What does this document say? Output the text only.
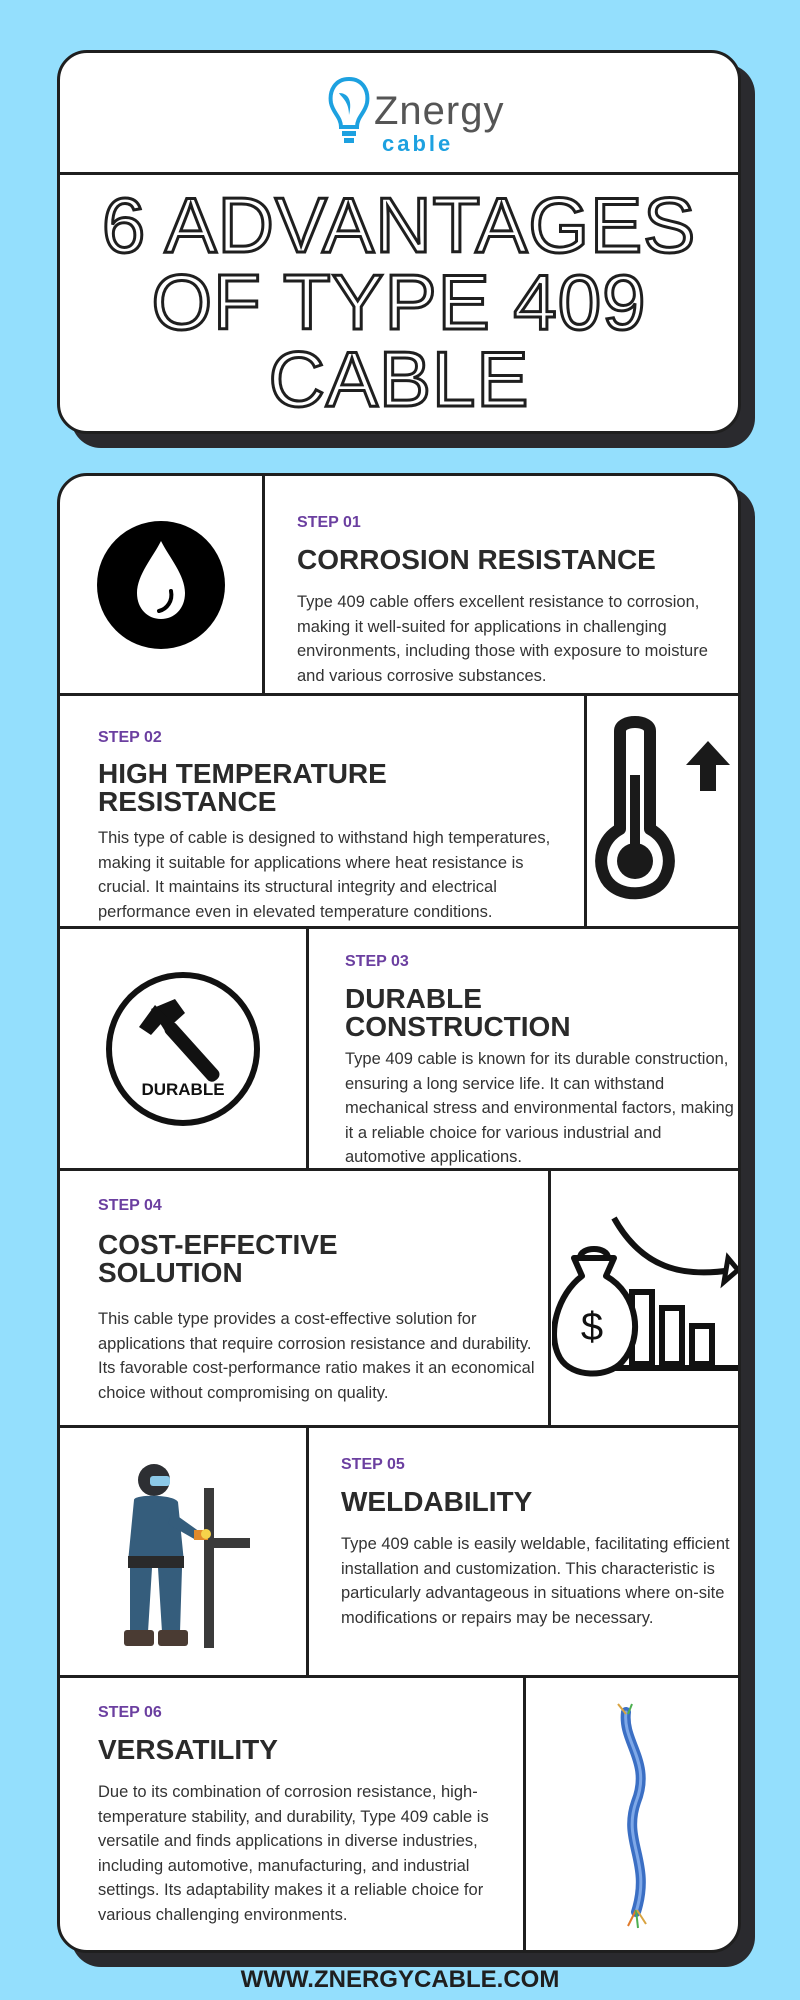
Znergy
cable
6 ADVANTAGES
OF TYPE 409
CABLE
STEP 01
CORROSION RESISTANCE
Type 409 cable offers excellent resistance to corrosion, making it well-suited for applications in challenging environments, including those with exposure to moisture and various corrosive substances.
STEP 02
HIGH TEMPERATURE RESISTANCE
This type of cable is designed to withstand high temperatures, making it suitable for applications where heat resistance is crucial. It maintains its structural integrity and electrical performance even in elevated temperature conditions.
DURABLE
STEP 03
DURABLE CONSTRUCTION
Type 409 cable is known for its durable construction, ensuring a long service life. It can withstand mechanical stress and environmental factors, making it a reliable choice for various industrial and automotive applications.
STEP 04
COST-EFFECTIVE SOLUTION
This cable type provides a cost-effective solution for applications that require corrosion resistance and durability. Its favorable cost-performance ratio makes it an economical choice without compromising on quality.
$
STEP 05
WELDABILITY
Type 409 cable is easily weldable, facilitating efficient installation and customization. This characteristic is particularly advantageous in situations where on-site modifications or repairs may be necessary.
STEP 06
VERSATILITY
Due to its combination of corrosion resistance, high-temperature stability, and durability, Type 409 cable is versatile and finds applications in diverse industries, including automotive, manufacturing, and industrial settings. Its adaptability makes it a reliable choice for various challenging environments.
WWW.ZNERGYCABLE.COM
